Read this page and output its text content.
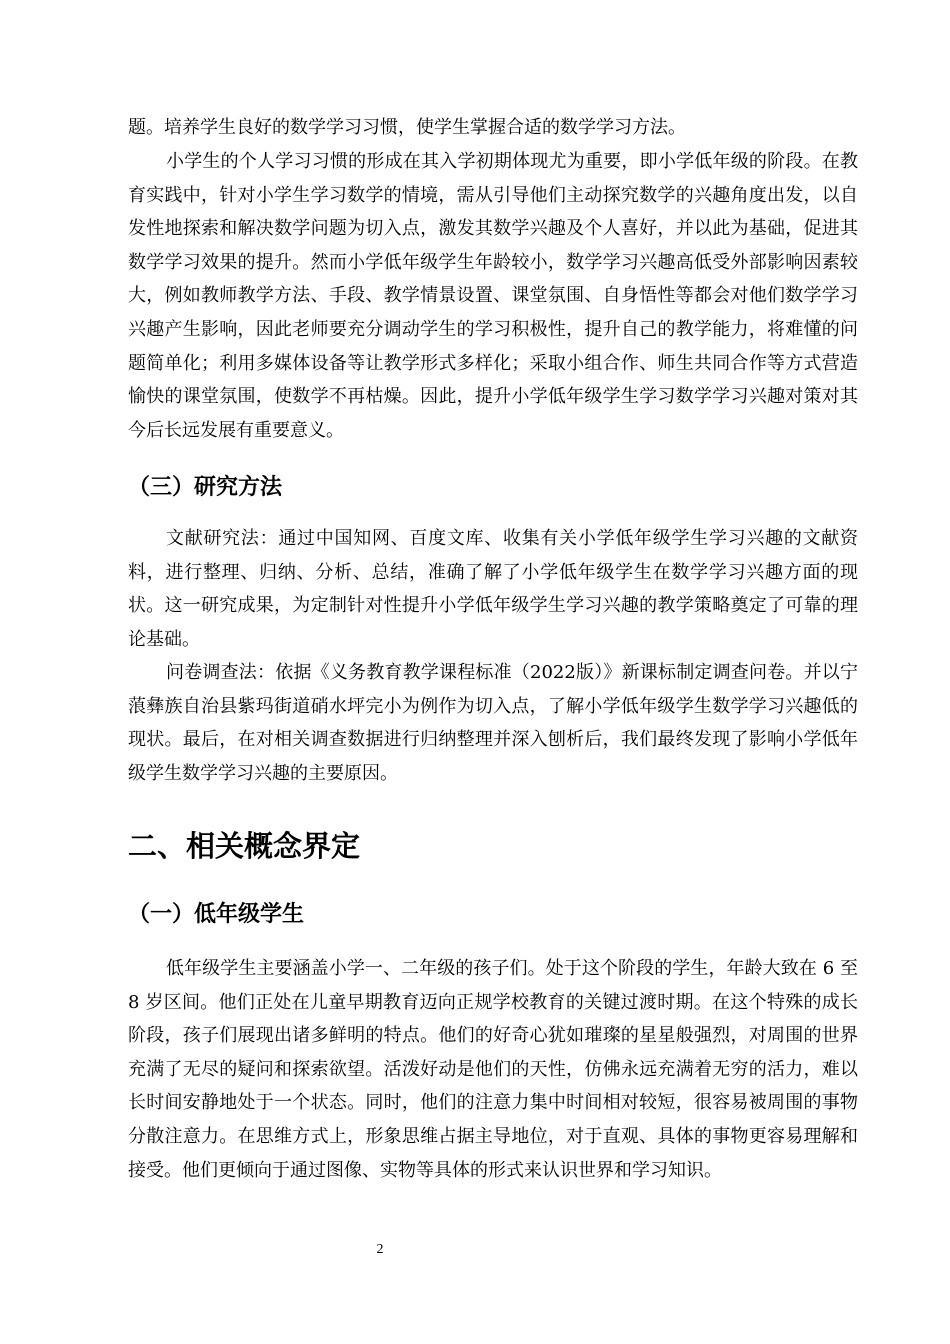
题。培养学生良好的数学学习习惯，使学生掌握合适的数学学习方法。

小学生的个人学习习惯的形成在其入学初期体现尤为重要，即小学低年级的阶段。在教育实践中，针对小学生学习数学的情境，需从引导他们主动探究数学的兴趣角度出发，以自发性地探索和解决数学问题为切入点，激发其数学兴趣及个人喜好，并以此为基础，促进其数学学习效果的提升。然而小学低年级学生年龄较小，数学学习兴趣高低受外部影响因素较大，例如教师教学方法、手段、教学情景设置、课堂氛围、自身悟性等都会对他们数学学习兴趣产生影响，因此老师要充分调动学生的学习积极性，提升自己的教学能力，将难懂的问题简单化；利用多媒体设备等让教学形式多样化；采取小组合作、师生共同合作等方式营造愉快的课堂氛围，使数学不再枯燥。因此，提升小学低年级学生学习数学学习兴趣对策对其今后长远发展有重要意义。

（三）研究方法

文献研究法：通过中国知网、百度文库、收集有关小学低年级学生学习兴趣的文献资料，进行整理、归纳、分析、总结，准确了解了小学低年级学生在数学学习兴趣方面的现状。这一研究成果，为定制针对性提升小学低年级学生学习兴趣的教学策略奠定了可靠的理论基础。

问卷调查法：依据《义务教育教学课程标准（2022版）》新课标制定调查问卷。并以宁蒗彝族自治县紫玛街道硝水坪完小为例作为切入点，了解小学低年级学生数学学习兴趣低的现状。最后，在对相关调查数据进行归纳整理并深入刨析后，我们最终发现了影响小学低年级学生数学学习兴趣的主要原因。

二、相关概念界定
（一）低年级学生

低年级学生主要涵盖小学一、二年级的孩子们。处于这个阶段的学生，年龄大致在 6 至 8 岁区间。他们正处在儿童早期教育迈向正规学校教育的关键过渡时期。在这个特殊的成长阶段，孩子们展现出诸多鲜明的特点。他们的好奇心犹如璀璨的星星般强烈，对周围的世界充满了无尽的疑问和探索欲望。活泼好动是他们的天性，仿佛永远充满着无穷的活力，难以长时间安静地处于一个状态。同时，他们的注意力集中时间相对较短，很容易被周围的事物分散注意力。在思维方式上，形象思维占据主导地位，对于直观、具体的事物更容易理解和接受。他们更倾向于通过图像、实物等具体的形式来认识世界和学习知识。

2
